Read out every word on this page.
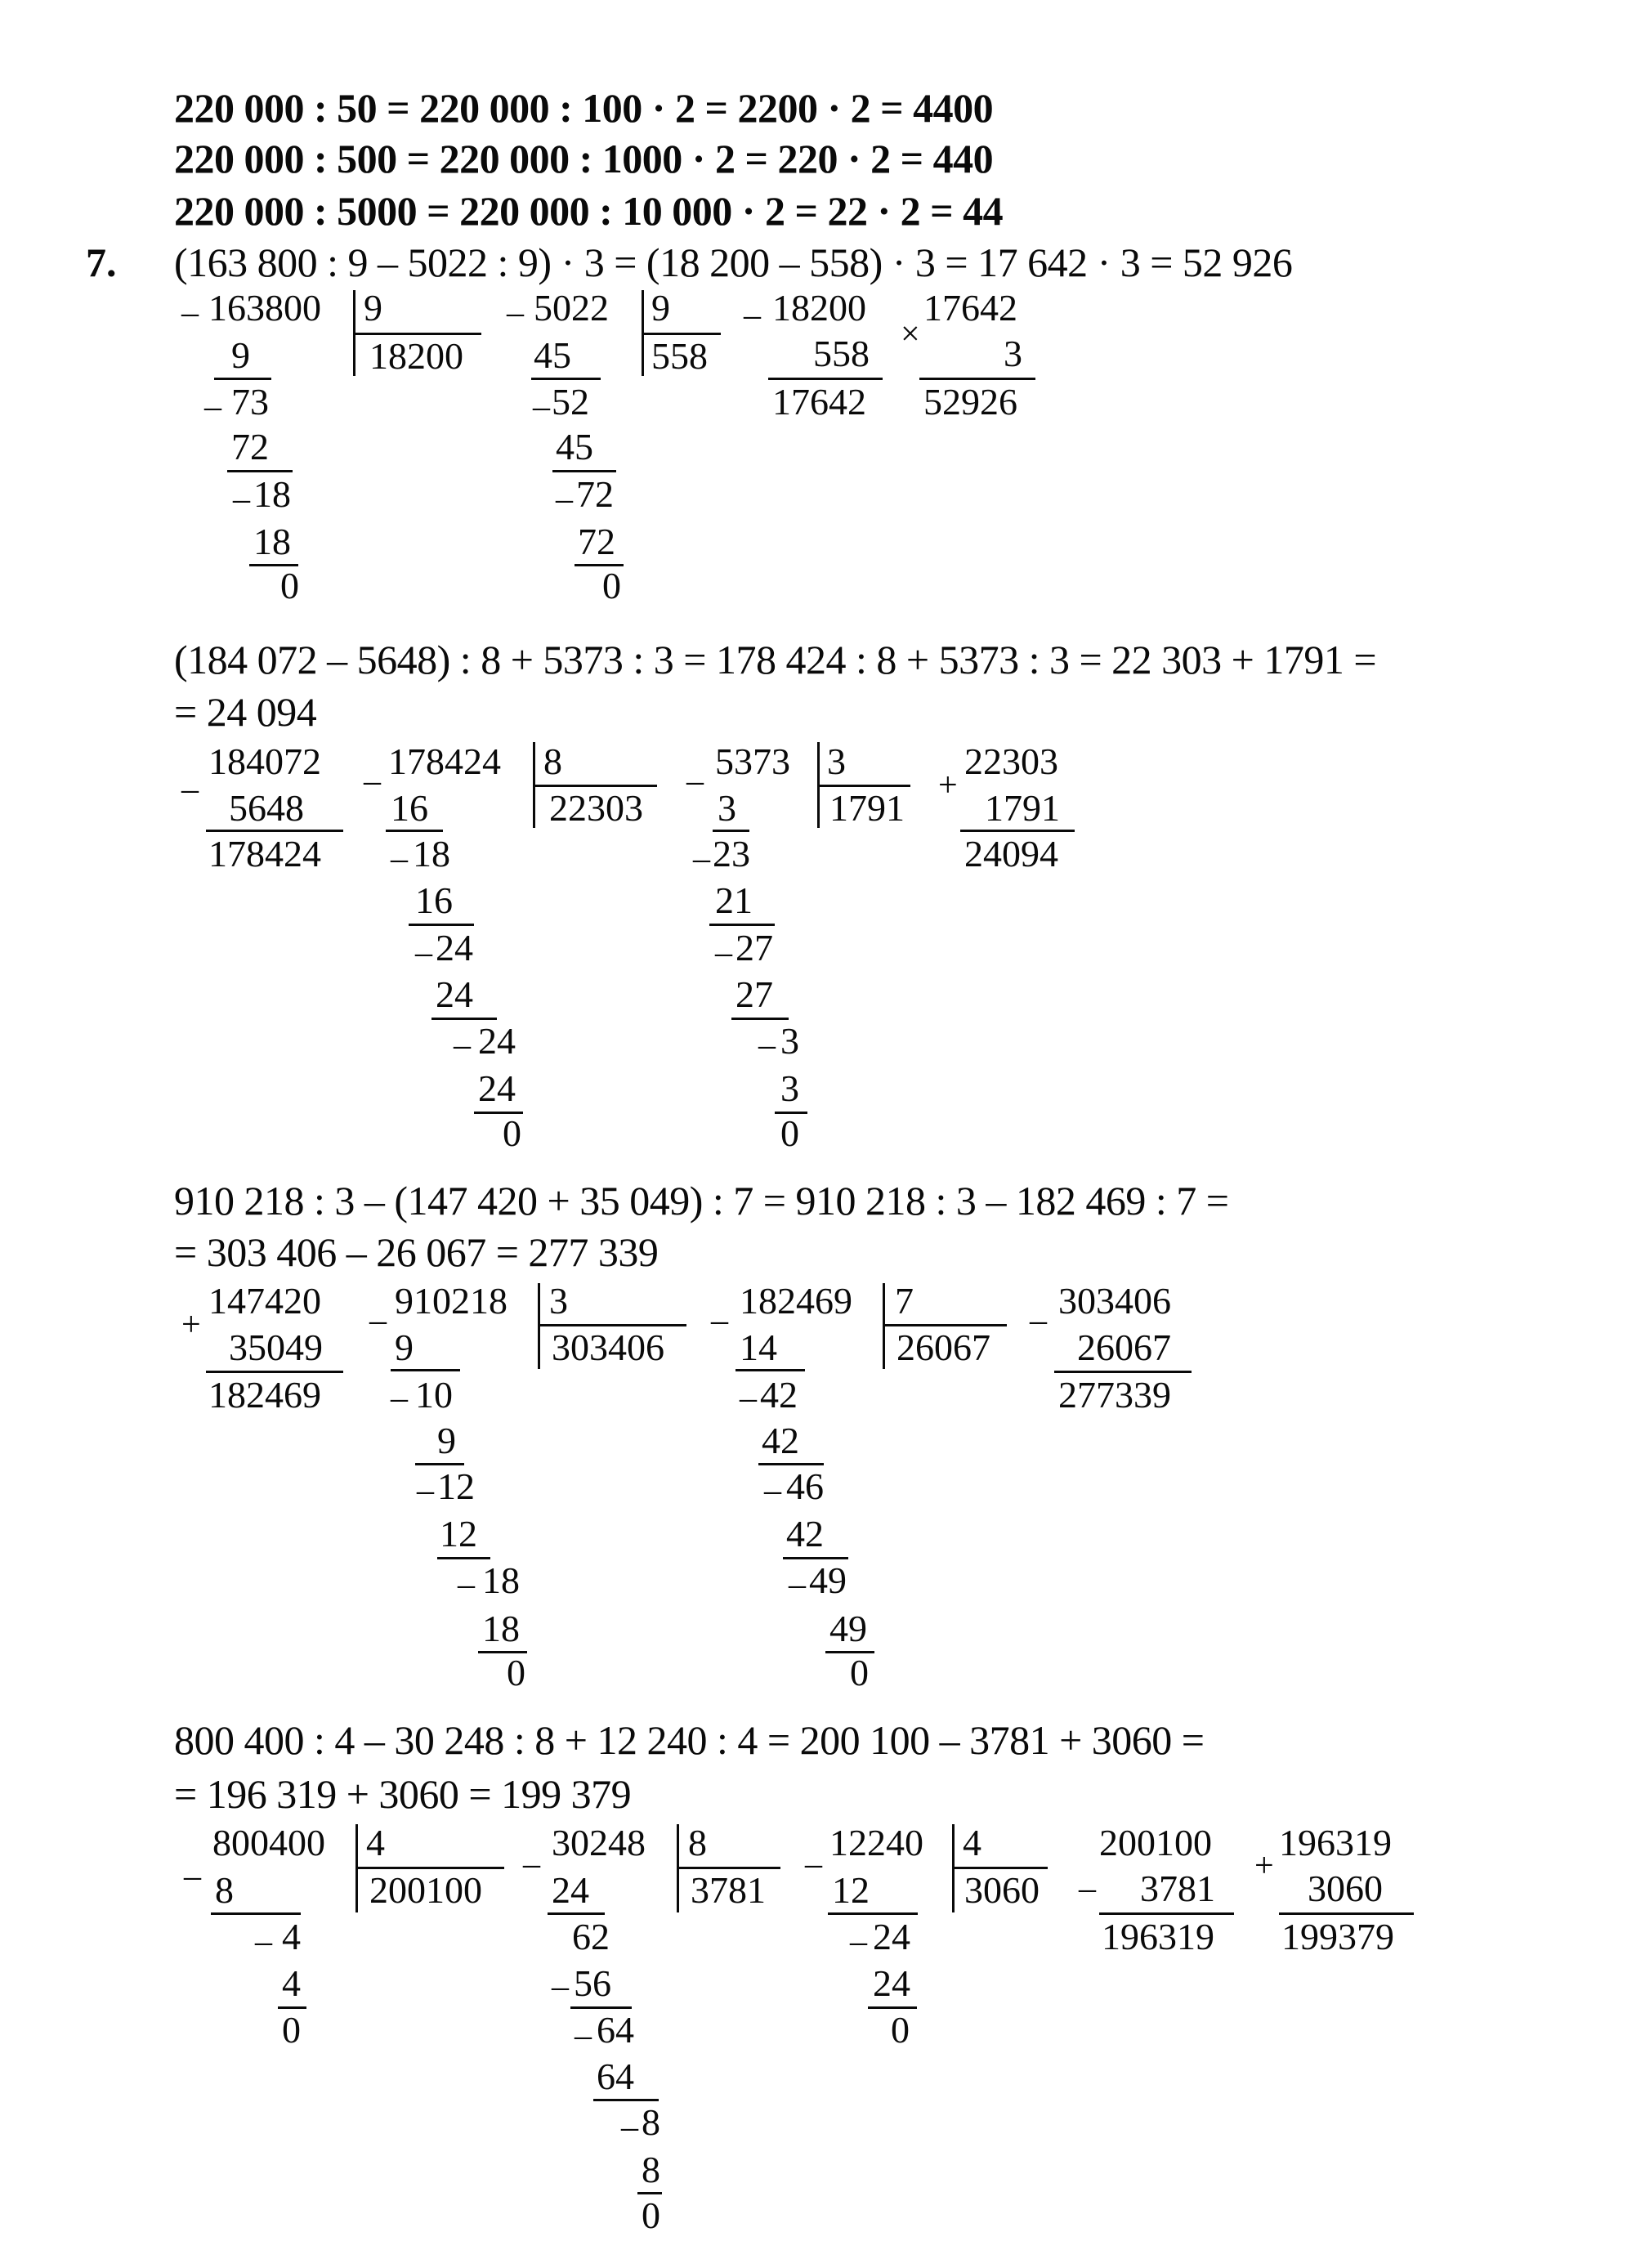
220 000 : 50 = 220 000 : 100 · 2 = 2200 · 2 = 4400
220 000 : 500 = 220 000 : 1000 · 2 = 220 · 2 = 440
220 000 : 5000 = 220 000 : 10 000 · 2 = 22 · 2 = 44
7. (163 800 : 9 – 5022 : 9) · 3 = (18 200 – 558) · 3 = 17 642 · 3 = 52 926
– 163800 9
18200
9
– 73
72
– 18
18
0
– 5022 9
558
45
– 52
45
– 72
72
0
– 18200
558
17642
×
17642
3
52926
(184 072 – 5648) : 8 + 5373 : 3 = 178 424 : 8 + 5373 : 3 = 22 303 + 1791 =
= 24 094
–
184072
5648
178424
– 178424 8
22303
16
– 18
16
– 24
24
– 24
24
0
– 5373 3
1791
3
– 23
21
– 27
27
– 3
3
0
+
22303
1791
24094
910 218 : 3 – (147 420 + 35 049) : 7 = 910 218 : 3 – 182 469 : 7 =
= 303 406 – 26 067 = 277 339
+
147420
35049
182469
– 910218 3
303406
9
– 10
9
– 12
12
– 18
18
0
– 182469 7
26067
14
– 42
42
– 46
42
– 49
49
0
– 303406
26067
277339
800 400 : 4 – 30 248 : 8 + 12 240 : 4 = 200 100 – 3781 + 3060 =
= 196 319 + 3060 = 199 379
–
800400 4
200100
8
– 4
4
0
–
30248 8
3781
24
62
– 56
– 64
64
– 8
8
0
–
12240 4
3060
12
– 24
24
0
–
200100
3781
196319
+
196319
3060
199379
